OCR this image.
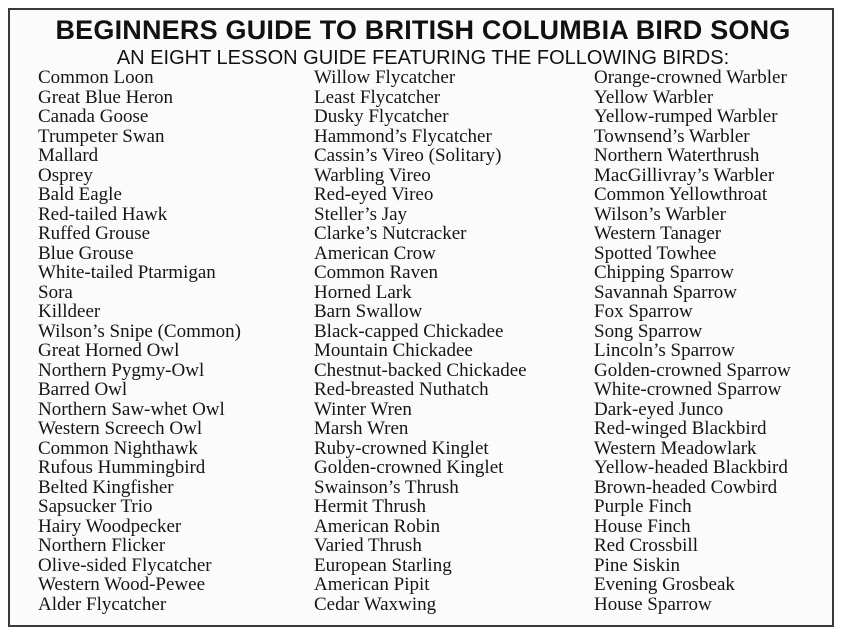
BEGINNERS GUIDE TO BRITISH COLUMBIA BIRD SONG
AN EIGHT LESSON GUIDE FEATURING THE FOLLOWING BIRDS:
Common Loon
Great Blue Heron
Canada Goose
Trumpeter Swan
Mallard
Osprey
Bald Eagle
Red-tailed Hawk
Ruffed Grouse
Blue Grouse
White-tailed Ptarmigan
Sora
Killdeer
Wilson’s Snipe (Common)
Great Horned Owl
Northern Pygmy-Owl
Barred Owl
Northern Saw-whet Owl
Western Screech Owl
Common Nighthawk
Rufous Hummingbird
Belted Kingfisher
Sapsucker Trio
Hairy Woodpecker
Northern Flicker
Olive-sided Flycatcher
Western Wood-Pewee
Alder Flycatcher
Willow Flycatcher
Least Flycatcher
Dusky Flycatcher
Hammond’s Flycatcher
Cassin’s Vireo (Solitary)
Warbling Vireo
Red-eyed Vireo
Steller’s Jay
Clarke’s Nutcracker
American Crow
Common Raven
Horned Lark
Barn Swallow
Black-capped Chickadee
Mountain Chickadee
Chestnut-backed Chickadee
Red-breasted Nuthatch
Winter Wren
Marsh Wren
Ruby-crowned Kinglet
Golden-crowned Kinglet
Swainson’s Thrush
Hermit Thrush
American Robin
Varied Thrush
European Starling
American Pipit
Cedar Waxwing
Orange-crowned Warbler
Yellow Warbler
Yellow-rumped Warbler
Townsend’s Warbler
Northern Waterthrush
MacGillivray’s Warbler
Common Yellowthroat
Wilson’s Warbler
Western Tanager
Spotted Towhee
Chipping Sparrow
Savannah Sparrow
Fox Sparrow
Song Sparrow
Lincoln’s Sparrow
Golden-crowned Sparrow
White-crowned Sparrow
Dark-eyed Junco
Red-winged Blackbird
Western Meadowlark
Yellow-headed Blackbird
Brown-headed Cowbird
Purple Finch
House Finch
Red Crossbill
Pine Siskin
Evening Grosbeak
House Sparrow
